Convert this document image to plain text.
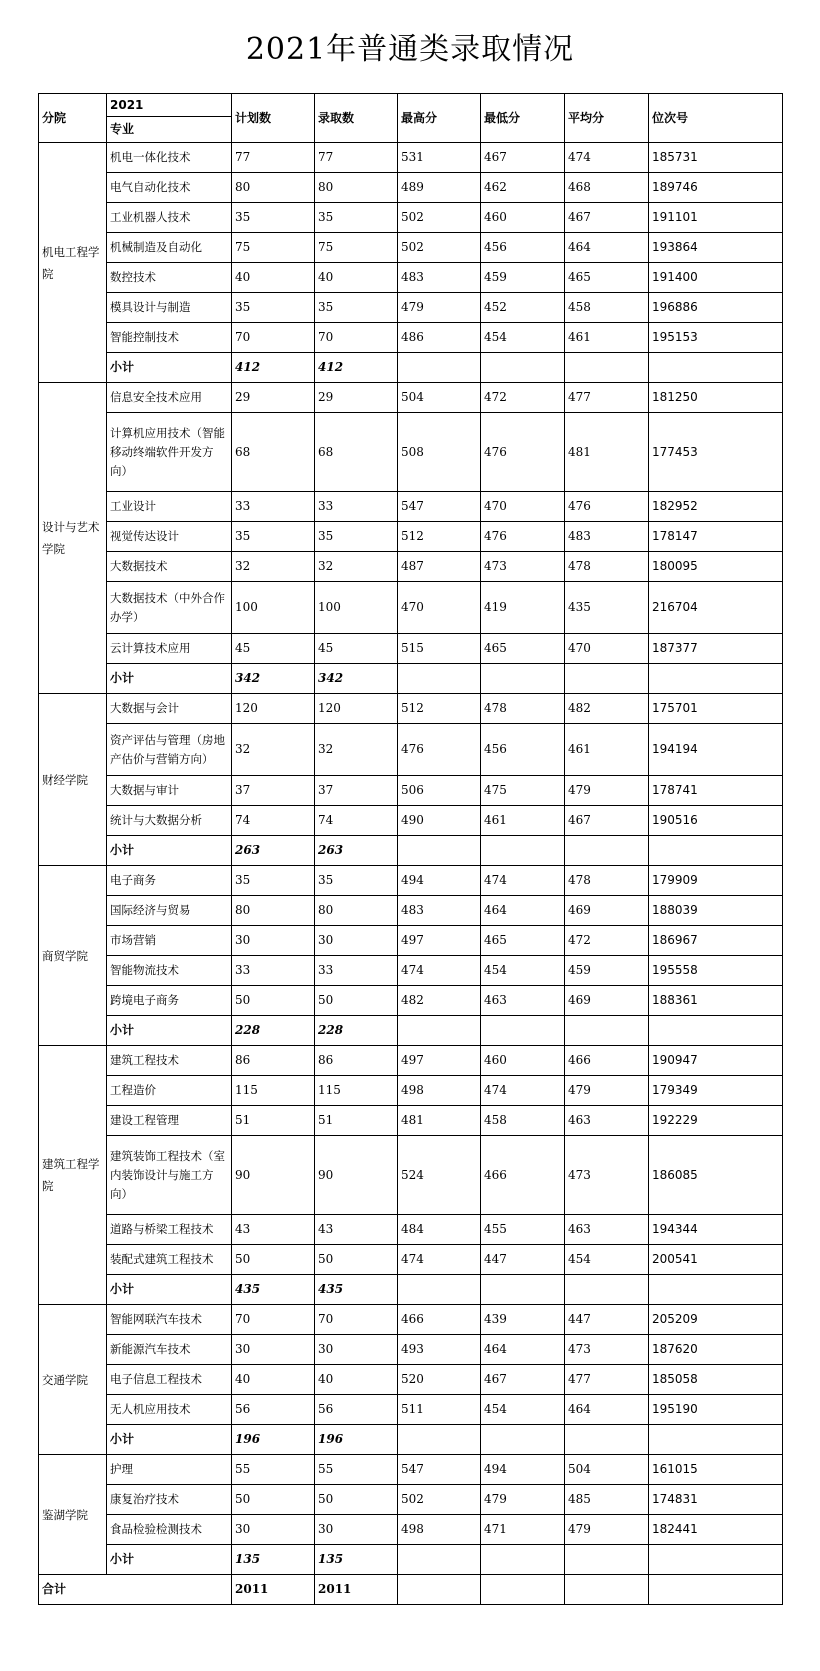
2021年普通类录取情况
分院	2021	计划数	录取数	最高分	最低分	平均分	位次号
	专业						
机电工程学院	机电一体化技术	77	77	531	467	474	185731
	电气自动化技术	80	80	489	462	468	189746
	工业机器人技术	35	35	502	460	467	191101
	机械制造及自动化	75	75	502	456	464	193864
	数控技术	40	40	483	459	465	191400
	模具设计与制造	35	35	479	452	458	196886
	智能控制技术	70	70	486	454	461	195153
	小计	412	412				
设计与艺术学院	信息安全技术应用	29	29	504	472	477	181250
	计算机应用技术（智能移动终端软件开发方向）	68	68	508	476	481	177453
	工业设计	33	33	547	470	476	182952
	视觉传达设计	35	35	512	476	483	178147
	大数据技术	32	32	487	473	478	180095
	大数据技术（中外合作办学）	100	100	470	419	435	216704
	云计算技术应用	45	45	515	465	470	187377
	小计	342	342				
财经学院	大数据与会计	120	120	512	478	482	175701
	资产评估与管理（房地产估价与营销方向）	32	32	476	456	461	194194
	大数据与审计	37	37	506	475	479	178741
	统计与大数据分析	74	74	490	461	467	190516
	小计	263	263				
商贸学院	电子商务	35	35	494	474	478	179909
	国际经济与贸易	80	80	483	464	469	188039
	市场营销	30	30	497	465	472	186967
	智能物流技术	33	33	474	454	459	195558
	跨境电子商务	50	50	482	463	469	188361
	小计	228	228				
建筑工程学院	建筑工程技术	86	86	497	460	466	190947
	工程造价	115	115	498	474	479	179349
	建设工程管理	51	51	481	458	463	192229
	建筑装饰工程技术（室内装饰设计与施工方向）	90	90	524	466	473	186085
	道路与桥梁工程技术	43	43	484	455	463	194344
	装配式建筑工程技术	50	50	474	447	454	200541
	小计	435	435				
交通学院	智能网联汽车技术	70	70	466	439	447	205209
	新能源汽车技术	30	30	493	464	473	187620
	电子信息工程技术	40	40	520	467	477	185058
	无人机应用技术	56	56	511	454	464	195190
	小计	196	196				
鉴湖学院	护理	55	55	547	494	504	161015
	康复治疗技术	50	50	502	479	485	174831
	食品检验检测技术	30	30	498	471	479	182441
	小计	135	135				
合计		2011	2011				
